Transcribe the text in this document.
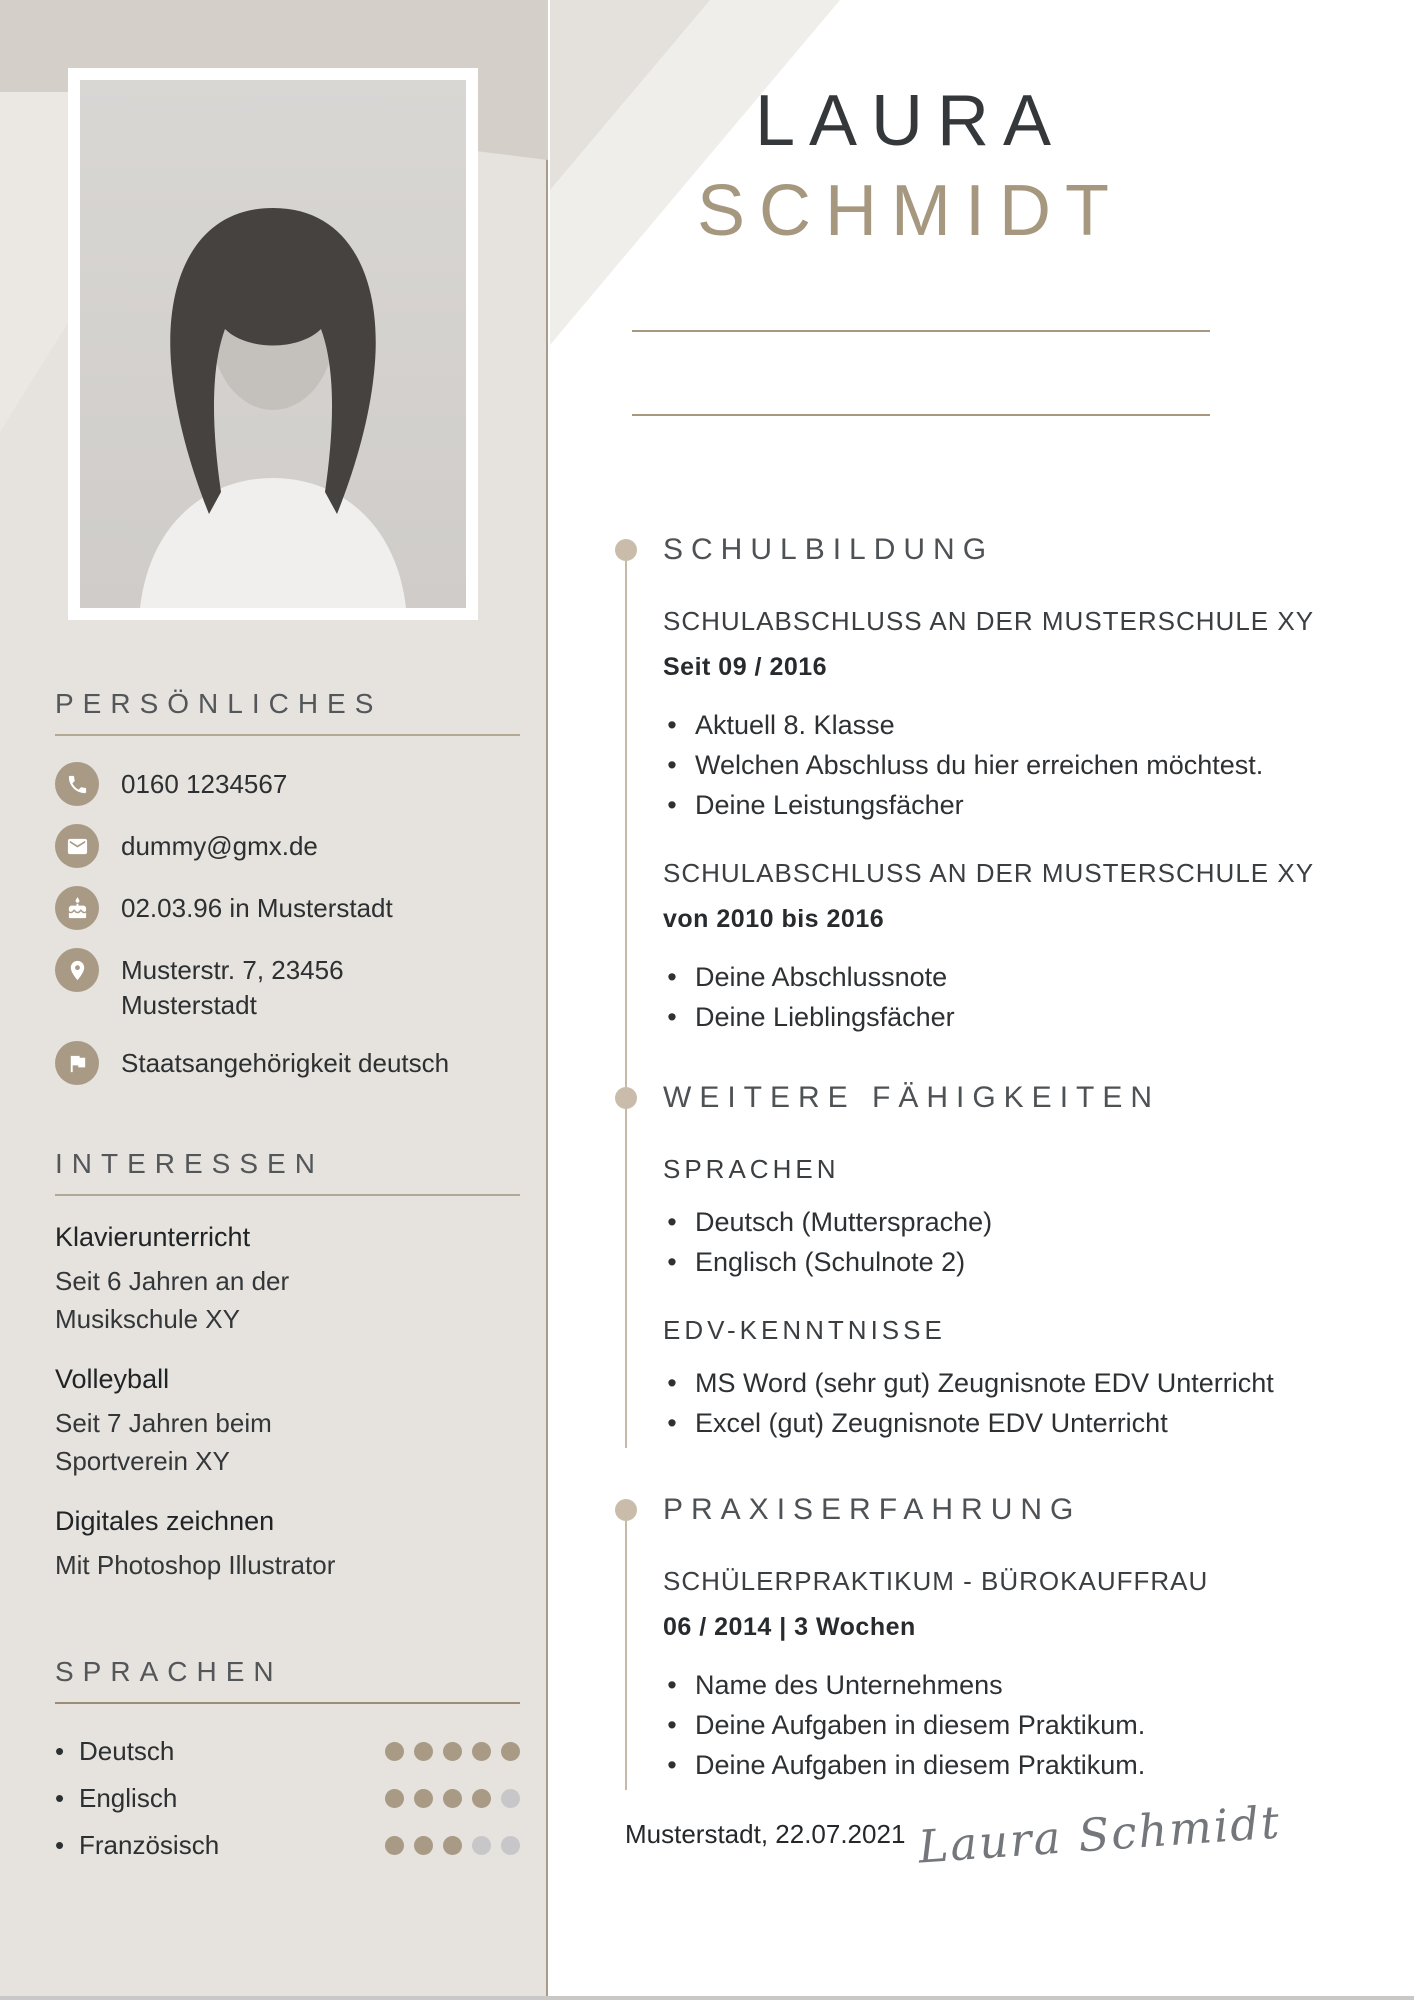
PERSÖNLICHES
0160 1234567
dummy@gmx.de
02.03.96 in Musterstadt
Musterstr. 7, 23456 Musterstadt
Staatsangehörigkeit deutsch
INTERESSEN
Klavierunterricht
Seit 6 Jahren an der Musikschule XY
Volleyball
Seit 7 Jahren beim Sportverein XY
Digitales zeichnen
Mit Photoshop Illustrator
SPRACHEN
• Deutsch
• Englisch
• Französisch
LAURA
SCHMIDT
SCHULBILDUNG
SCHULABSCHLUSS AN DER MUSTERSCHULE XY
Seit 09 / 2016
• Aktuell 8. Klasse
• Welchen Abschluss du hier erreichen möchtest.
• Deine Leistungsfächer
SCHULABSCHLUSS AN DER MUSTERSCHULE XY
von 2010 bis 2016
• Deine Abschlussnote
• Deine Lieblingsfächer
WEITERE FÄHIGKEITEN
SPRACHEN
• Deutsch (Muttersprache)
• Englisch (Schulnote 2)
EDV-KENNTNISSE
• MS Word (sehr gut) Zeugnisnote EDV Unterricht
• Excel (gut) Zeugnisnote EDV Unterricht
PRAXISERFAHRUNG
SCHÜLERPRAKTIKUM - BÜROKAUFFRAU
06 / 2014 | 3 Wochen
• Name des Unternehmens
• Deine Aufgaben in diesem Praktikum.
• Deine Aufgaben in diesem Praktikum.
Musterstadt, 22.07.2021 Laura Schmidt
